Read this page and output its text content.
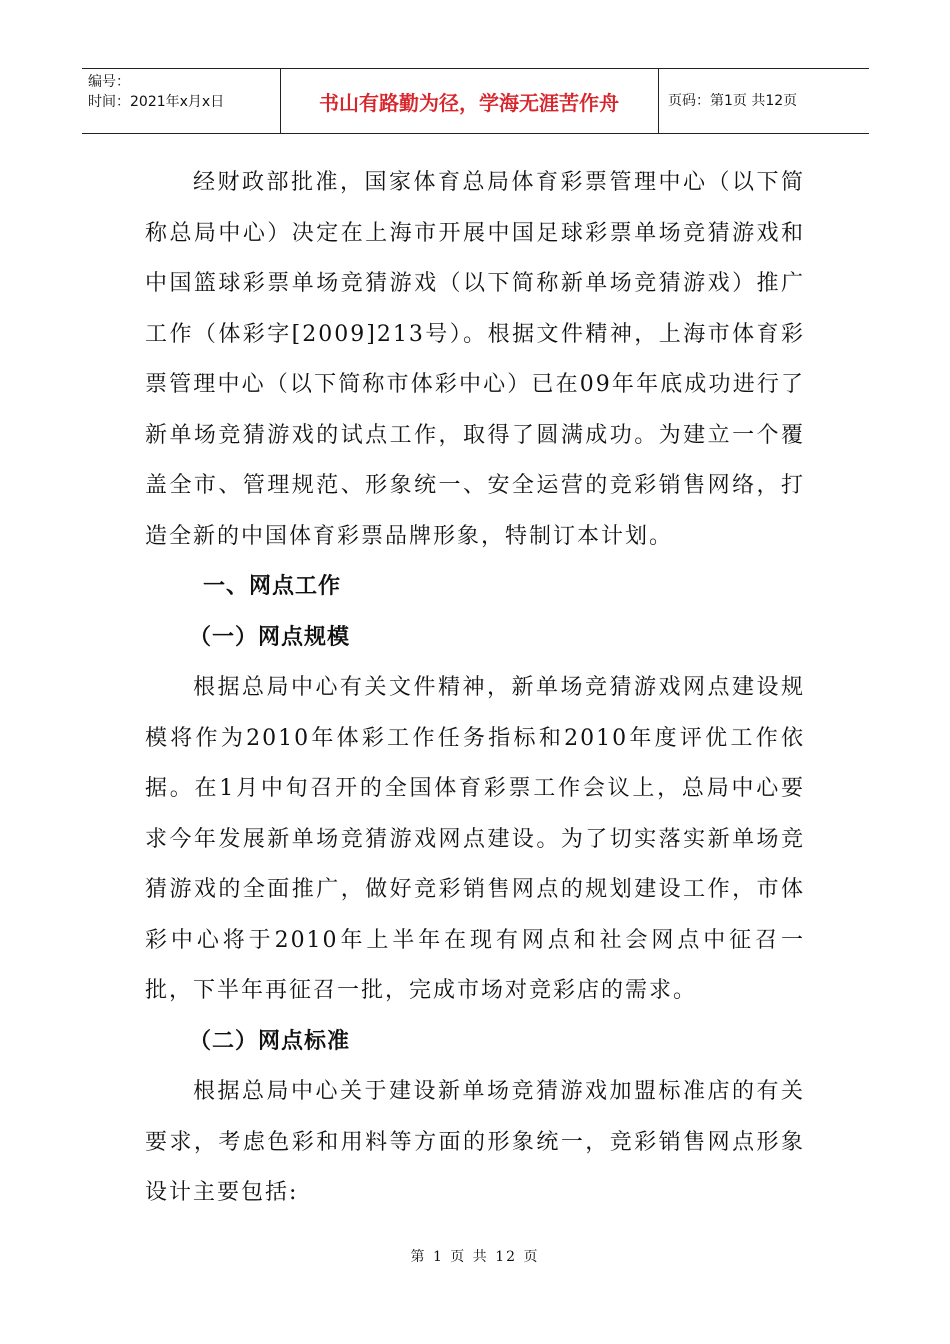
编号：
时间：2021年x月x日	书山有路勤为径，学海无涯苦作舟	页码：第1页 共12页

经财政部批准，国家体育总局体育彩票管理中心（以下简称总局中心）决定在上海市开展中国足球彩票单场竞猜游戏和中国篮球彩票单场竞猜游戏（以下简称新单场竞猜游戏）推广工作（体彩字[2009]213号）。根据文件精神，上海市体育彩票管理中心（以下简称市体彩中心）已在09年年底成功进行了新单场竞猜游戏的试点工作，取得了圆满成功。为建立一个覆盖全市、管理规范、形象统一、安全运营的竞彩销售网络，打造全新的中国体育彩票品牌形象，特制订本计划。

一、网点工作
（一）网点规模

根据总局中心有关文件精神，新单场竞猜游戏网点建设规模将作为2010年体彩工作任务指标和2010年度评优工作依据。在1月中旬召开的全国体育彩票工作会议上，总局中心要求今年发展新单场竞猜游戏网点建设。为了切实落实新单场竞猜游戏的全面推广，做好竞彩销售网点的规划建设工作，市体彩中心将于2010年上半年在现有网点和社会网点中征召一批，下半年再征召一批，完成市场对竞彩店的需求。

（二）网点标准

根据总局中心关于建设新单场竞猜游戏加盟标准店的有关要求，考虑色彩和用料等方面的形象统一，竞彩销售网点形象设计主要包括:

第 1 页 共 12 页
